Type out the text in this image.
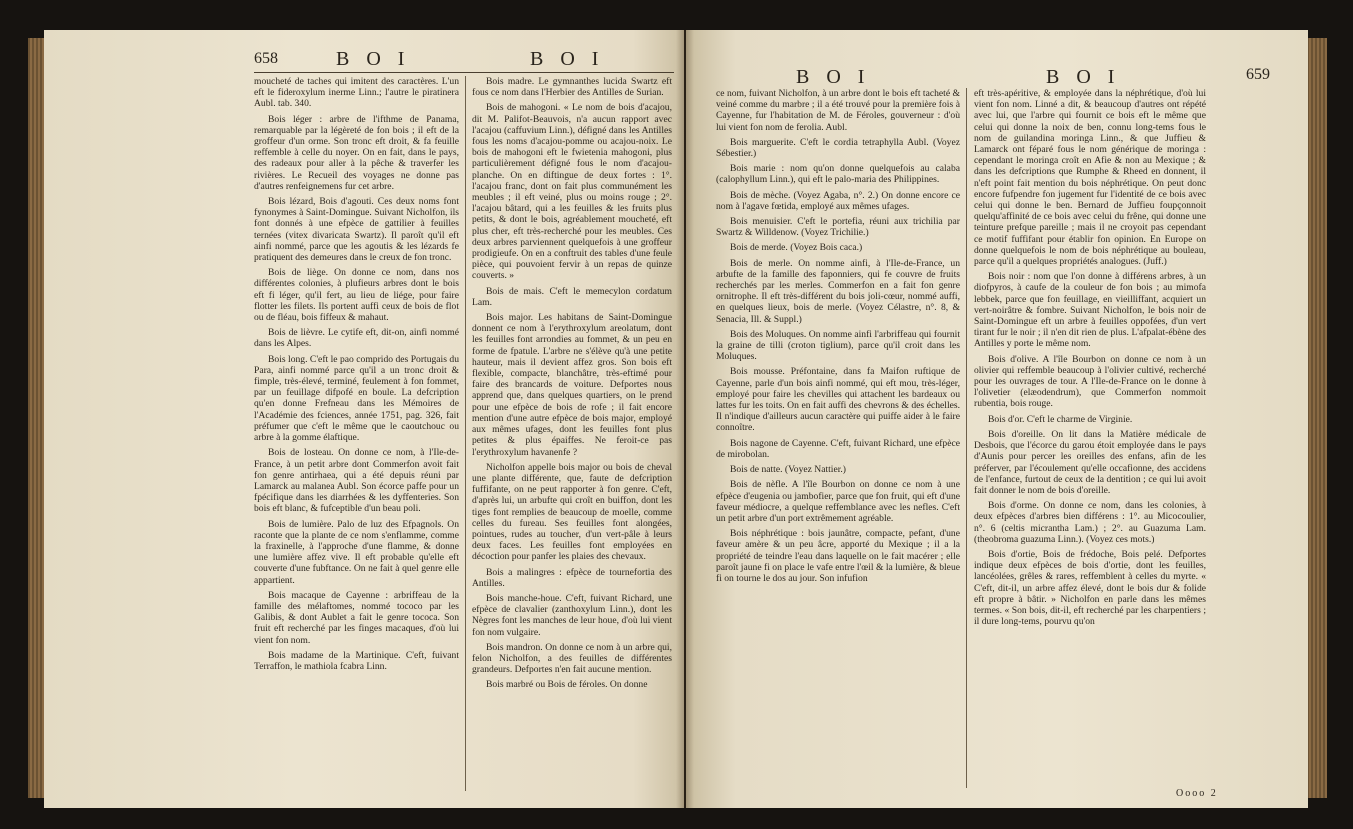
658	B O I	B O I

moucheté de taches qui imitent des caractères. L'un eft le fideroxylum inerme Linn.; l'autre le piratinera Aubl. tab. 340.

Bois léger : arbre de l'ifthme de Panama, remarquable par la légèreté de fon bois ; il eft de la groffeur d'un orme. Son tronc eft droit, & fa feuille reffemble à celle du noyer. On en fait, dans le pays, des radeaux pour aller à la pêche & traverfer les rivières. Le Recueil des voyages ne donne pas d'autres renfeignemens fur cet arbre.

Bois lézard, Bois d'agouti. Ces deux noms font fynonymes à Saint-Domingue. Suivant Nicholfon, ils font donnés à une efpèce de gattilier à feuilles ternées (vitex divaricata Swartz). Il paroît qu'il eft ainfi nommé, parce que les agoutis & les lézards fe pratiquent des demeures dans le creux de fon tronc.

Bois de liège. On donne ce nom, dans nos différentes colonies, à plufieurs arbres dont le bois eft fi léger, qu'il fert, au lieu de liége, pour faire flotter les filets. Ils portent auffi ceux de bois de flot ou de fléau, bois fiffeux & mahaut.

Bois de lièvre. Le cytife eft, dit-on, ainfi nommé dans les Alpes.

Bois long. C'eft le pao comprido des Portugais du Para, ainfi nommé parce qu'il a un tronc droit & fimple, très-élevé, terminé, feulement à fon fommet, par un feuillage difpofé en boule. La defcription qu'en donne Frefneau dans les Mémoires de l'Académie des fciences, année 1751, pag. 326, fait préfumer que c'eft le même que le caoutchouc ou arbre à la gomme élaftique.

Bois de losteau. On donne ce nom, à l'Ile-de-France, à un petit arbre dont Commerfon avoit fait fon genre antirhaea, qui a été depuis réuni par Lamarck au malanea Aubl. Son écorce paffe pour un fpécifique dans les diarrhées & les dyffenteries. Son bois eft blanc, & fufceptible d'un beau poli.

Bois de lumière. Palo de luz des Efpagnols. On raconte que la plante de ce nom s'enflamme, comme la fraxinelle, à l'approche d'une flamme, & donne une lumière affez vive. Il eft probable qu'elle eft couverte d'une fubftance. On ne fait à quel genre elle appartient.

Bois macaque de Cayenne : arbriffeau de la famille des mélaftomes, nommé tococo par les Galibis, & dont Aublet a fait le genre tococa. Son fruit eft recherché par les finges macaques, d'où lui vient fon nom.

Bois madame de la Martinique. C'eft, fuivant Terraffon, le mathiola fcabra Linn.

Bois madre. Le gymnanthes lucida Swartz eft fous ce nom dans l'Herbier des Antilles de Surian.

Bois de mahogoni. « Le nom de bois d'acajou, dit M. Palifot-Beauvois, n'a aucun rapport avec l'acajou (caffuvium Linn.), défigné dans les Antilles fous les noms d'acajou-pomme ou acajou-noix. Le bois de mahogoni eft le fwietenia mahogoni, plus particulièrement défigné fous le nom d'acajou-planche. On en diftingue de deux fortes : 1°. l'acajou franc, dont on fait plus communément les meubles ; il eft veiné, plus ou moins rouge ; 2°. l'acajou bâtard, qui a les feuilles & les fruits plus petits, & dont le bois, agréablement moucheté, eft plus cher, eft très-recherché pour les meubles. Ces deux arbres parviennent quelquefois à une groffeur prodigieufe. On en a conftruit des tables d'une feule pièce, qui pouvoient fervir à un repas de quinze couverts. »

Bois de mais. C'eft le memecylon cordatum Lam.

Bois major. Les habitans de Saint-Domingue donnent ce nom à l'erythroxylum areolatum, dont les feuilles font arrondies au fommet, & un peu en forme de fpatule. L'arbre ne s'élève qu'à une petite hauteur, mais il devient affez gros. Son bois eft flexible, compacte, blanchâtre, très-eftimé pour faire des brancards de voiture. Defportes nous apprend que, dans quelques quartiers, on le prend pour une efpèce de bois de rofe ; il fait encore mention d'une autre efpèce de bois major, employé aux mêmes ufages, dont les feuilles font plus petites & plus épaiffes. Ne feroit-ce pas l'erythroxylum havanenfe ?

Nicholfon appelle bois major ou bois de cheval une plante différente, que, faute de defcription fuffifante, on ne peut rapporter à fon genre. C'eft, d'après lui, un arbufte qui croît en buiffon, dont les tiges font remplies de beaucoup de moelle, comme celles du fureau. Ses feuilles font alongées, pointues, rudes au toucher, d'un vert-pâle à leurs deux faces. Les feuilles font employées en décoction pour panfer les plaies des chevaux.

Bois a malingres : efpèce de tournefortia des Antilles.

Bois manche-houe. C'eft, fuivant Richard, une efpèce de clavalier (zanthoxylum Linn.), dont les Nègres font les manches de leur houe, d'où lui vient fon nom vulgaire.

Bois mandron. On donne ce nom à un arbre qui, felon Nicholfon, a des feuilles de différentes grandeurs. Defportes n'en fait aucune mention.

Bois marbré ou Bois de féroles. On donne

B O I	B O I	659

ce nom, fuivant Nicholfon, à un arbre dont le bois eft tacheté & veiné comme du marbre ; il a été trouvé pour la première fois à Cayenne, fur l'habitation de M. de Féroles, gouverneur : d'où lui vient fon nom de ferolia. Aubl.

Bois marguerite. C'eft le cordia tetraphylla Aubl. (Voyez Sébestier.)

Bois marie : nom qu'on donne quelquefois au calaba (calophyllum Linn.), qui eft le palo-maria des Philippines.

Bois de mèche. (Voyez Agaba, n°. 2.) On donne encore ce nom à l'agave fœtida, employé aux mêmes ufages.

Bois menuisier. C'eft le portefia, réuni aux trichilia par Swartz & Willdenow. (Voyez Trichilie.)

Bois de merde. (Voyez Bois caca.)

Bois de merle. On nomme ainfi, à l'Ile-de-France, un arbufte de la famille des faponniers, qui fe couvre de fruits recherchés par les merles. Commerfon en a fait fon genre ornitrophe. Il eft très-différent du bois joli-cœur, nommé auffi, en quelques lieux, bois de merle. (Voyez Célastre, n°. 8, & Senacia, Ill. & Suppl.)

Bois des Moluques. On nomme ainfi l'arbriffeau qui fournit la graine de tilli (croton tiglium), parce qu'il croit dans les Moluques.

Bois mousse. Préfontaine, dans fa Maifon ruftique de Cayenne, parle d'un bois ainfi nommé, qui eft mou, très-léger, employé pour faire les chevilles qui attachent les bardeaux ou lattes fur les toits. On en fait auffi des chevrons & des échelles. Il n'indique d'ailleurs aucun caractère qui puiffe aider à le faire connoître.

Bois nagone de Cayenne. C'eft, fuivant Richard, une efpèce de mirobolan.

Bois de natte. (Voyez Nattier.)

Bois de nèfle. A l'île Bourbon on donne ce nom à une efpèce d'eugenia ou jambofier, parce que fon fruit, qui eft d'une faveur médiocre, a quelque reffemblance avec les nefles. C'eft un petit arbre d'un port extrêmement agréable.

Bois néphrétique : bois jaunâtre, compacte, pefant, d'une faveur amère & un peu âcre, apporté du Mexique ; il a la propriété de teindre l'eau dans laquelle on le fait macérer ; elle paroît jaune fi on place le vafe entre l'œil & la lumière, & bleue fi on tourne le dos au jour. Son infufion

eft très-apéritive, & employée dans la néphrétique, d'où lui vient fon nom. Linné a dit, & beaucoup d'autres ont répété avec lui, que l'arbre qui fournit ce bois eft le même que celui qui donne la noix de ben, connu long-tems fous le nom de guilandina moringa Linn., & que Juffieu & Lamarck ont féparé fous le nom générique de moringa : cependant le moringa croît en Afie & non au Mexique ; & dans les defcriptions que Rumphe & Rheed en donnent, il n'eft point fait mention du bois néphrétique. On peut donc encore fufpendre fon jugement fur l'identité de ce bois avec celui qui donne le ben. Bernard de Juffieu foupçonnoit quelqu'affinité de ce bois avec celui du frêne, qui donne une teinture prefque pareille ; mais il ne croyoit pas cependant ce motif fuffifant pour établir fon opinion. En Europe on donne quelquefois le nom de bois néphrétique au bouleau, parce qu'il a quelques propriétés analogues. (Juff.)

Bois noir : nom que l'on donne à différens arbres, à un diofpyros, à caufe de la couleur de fon bois ; au mimofa lebbek, parce que fon feuillage, en vieilliffant, acquiert un vert-noirâtre & fombre. Suivant Nicholfon, le bois noir de Saint-Domingue eft un arbre à feuilles oppofées, d'un vert tirant fur le noir ; il n'en dit rien de plus. L'afpalat-ébène des Antilles y porte le même nom.

Bois d'olive. A l'île Bourbon on donne ce nom à un olivier qui reffemble beaucoup à l'olivier cultivé, recherché pour les ouvrages de tour. A l'Ile-de-France on le donne à l'olivetier (elæodendrum), que Commerfon nommoit rubentia, bois rouge.

Bois d'or. C'eft le charme de Virginie.

Bois d'oreille. On lit dans la Matière médicale de Desbois, que l'écorce du garou étoit employée dans le pays d'Aunis pour percer les oreilles des enfans, afin de les préferver, par l'écoulement qu'elle occafionne, des accidens de l'enfance, furtout de ceux de la dentition ; ce qui lui avoit fait donner le nom de bois d'oreille.

Bois d'orme. On donne ce nom, dans les colonies, à deux efpèces d'arbres bien différens : 1°. au Micocoulier, n°. 6 (celtis micrantha Lam.) ; 2°. au Guazuma Lam. (theobroma guazuma Linn.). (Voyez ces mots.)

Bois d'ortie, Bois de frédoche, Bois pelé. Defportes indique deux efpèces de bois d'ortie, dont les feuilles, lancéolées, grêles & rares, reffemblent à celles du myrte. « C'eft, dit-il, un arbre affez élevé, dont le bois dur & folide eft propre à bâtir. » Nicholfon en parle dans les mêmes termes. « Son bois, dit-il, eft recherché par les charpentiers ; il dure long-tems, pourvu qu'on

Oooo 2
